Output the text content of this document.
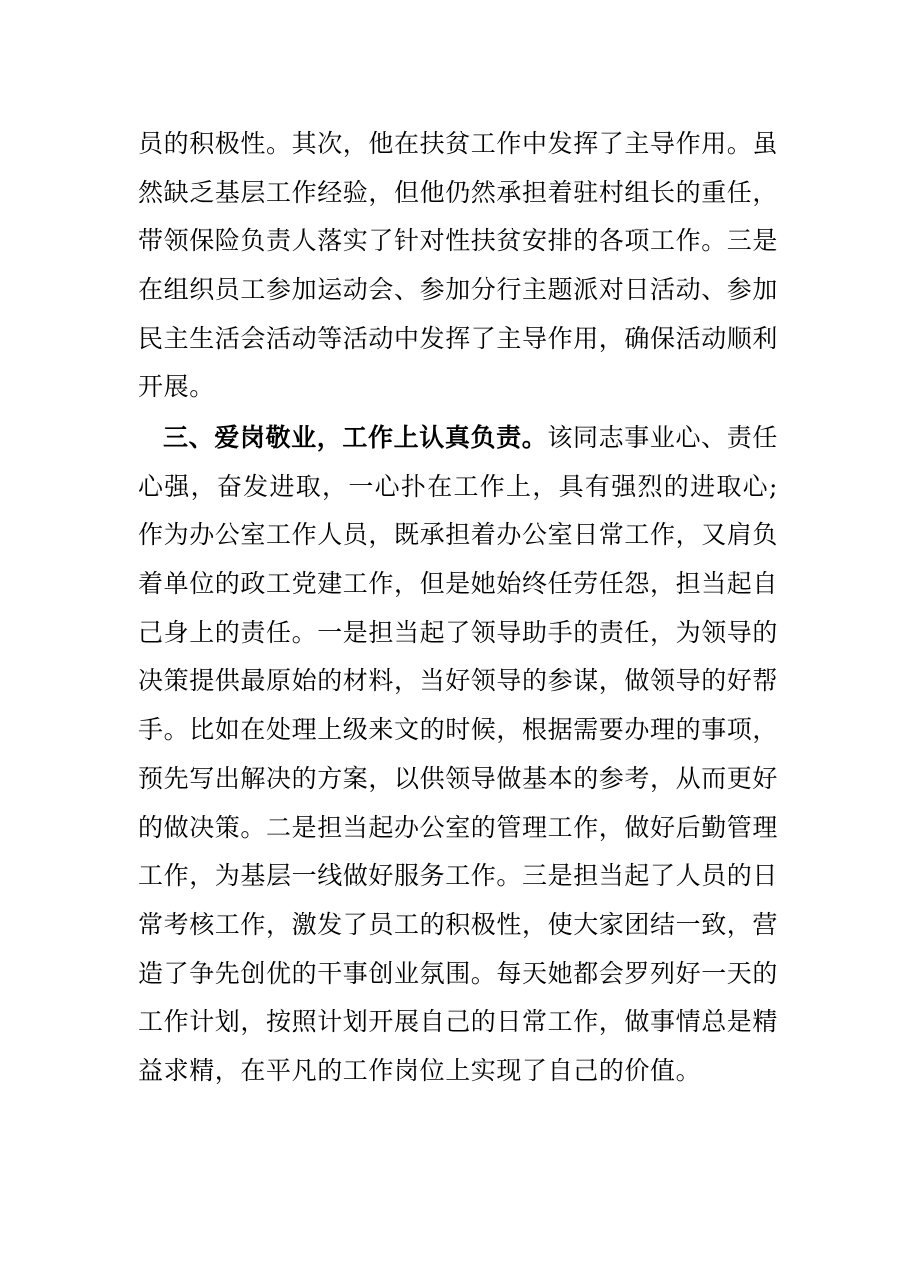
员的积极性。其次，他在扶贫工作中发挥了主导作用。虽
然缺乏基层工作经验，但他仍然承担着驻村组长的重任，
带领保险负责人落实了针对性扶贫安排的各项工作。三是
在组织员工参加运动会、参加分行主题派对日活动、参加
民主生活会活动等活动中发挥了主导作用，确保活动顺利
开展。
三、爱岗敬业，工作上认真负责。该同志事业心、责任
心强，奋发进取，一心扑在工作上，具有强烈的进取心;
作为办公室工作人员，既承担着办公室日常工作，又肩负
着单位的政工党建工作，但是她始终任劳任怨，担当起自
己身上的责任。一是担当起了领导助手的责任，为领导的
决策提供最原始的材料，当好领导的参谋，做领导的好帮
手。比如在处理上级来文的时候，根据需要办理的事项，
预先写出解决的方案，以供领导做基本的参考，从而更好
的做决策。二是担当起办公室的管理工作，做好后勤管理
工作，为基层一线做好服务工作。三是担当起了人员的日
常考核工作，激发了员工的积极性，使大家团结一致，营
造了争先创优的干事创业氛围。每天她都会罗列好一天的
工作计划，按照计划开展自己的日常工作，做事情总是精
益求精，在平凡的工作岗位上实现了自己的价值。
